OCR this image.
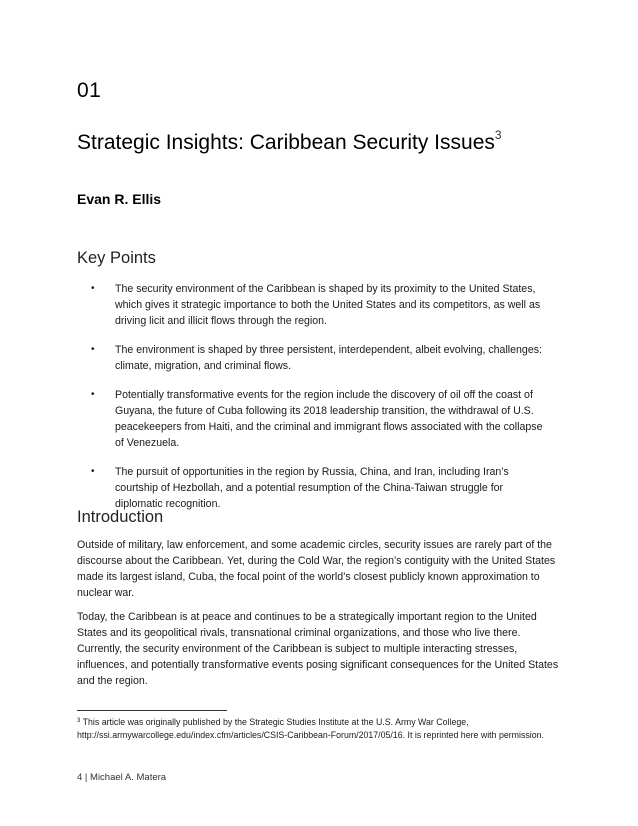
01
Strategic Insights: Caribbean Security Issues$^3$
Evan R. Ellis
Key Points
• The security environment of the Caribbean is shaped by its proximity to the United States, which gives it strategic importance to both the United States and its competitors, as well as driving licit and illicit flows through the region.
• The environment is shaped by three persistent, interdependent, albeit evolving, challenges: climate, migration, and criminal flows.
• Potentially transformative events for the region include the discovery of oil off the coast of Guyana, the future of Cuba following its 2018 leadership transition, the withdrawal of U.S. peacekeepers from Haiti, and the criminal and immigrant flows associated with the collapse of Venezuela.
• The pursuit of opportunities in the region by Russia, China, and Iran, including Iran’s courtship of Hezbollah, and a potential resumption of the China-Taiwan struggle for diplomatic recognition.
Introduction

Outside of military, law enforcement, and some academic circles, security issues are rarely part of the discourse about the Caribbean. Yet, during the Cold War, the region’s contiguity with the United States made its largest island, Cuba, the focal point of the world’s closest publicly known approximation to nuclear war.

Today, the Caribbean is at peace and continues to be a strategically important region to the United States and its geopolitical rivals, transnational criminal organizations, and those who live there. Currently, the security environment of the Caribbean is subject to multiple interacting stresses, influences, and potentially transformative events posing significant consequences for the United States and the region.

$^3$ This article was originally published by the Strategic Studies Institute at the U.S. Army War College, http://ssi.armywarcollege.edu/index.cfm/articles/CSIS-Caribbean-Forum/2017/05/16. It is reprinted here with permission.

4 | Michael A. Matera
